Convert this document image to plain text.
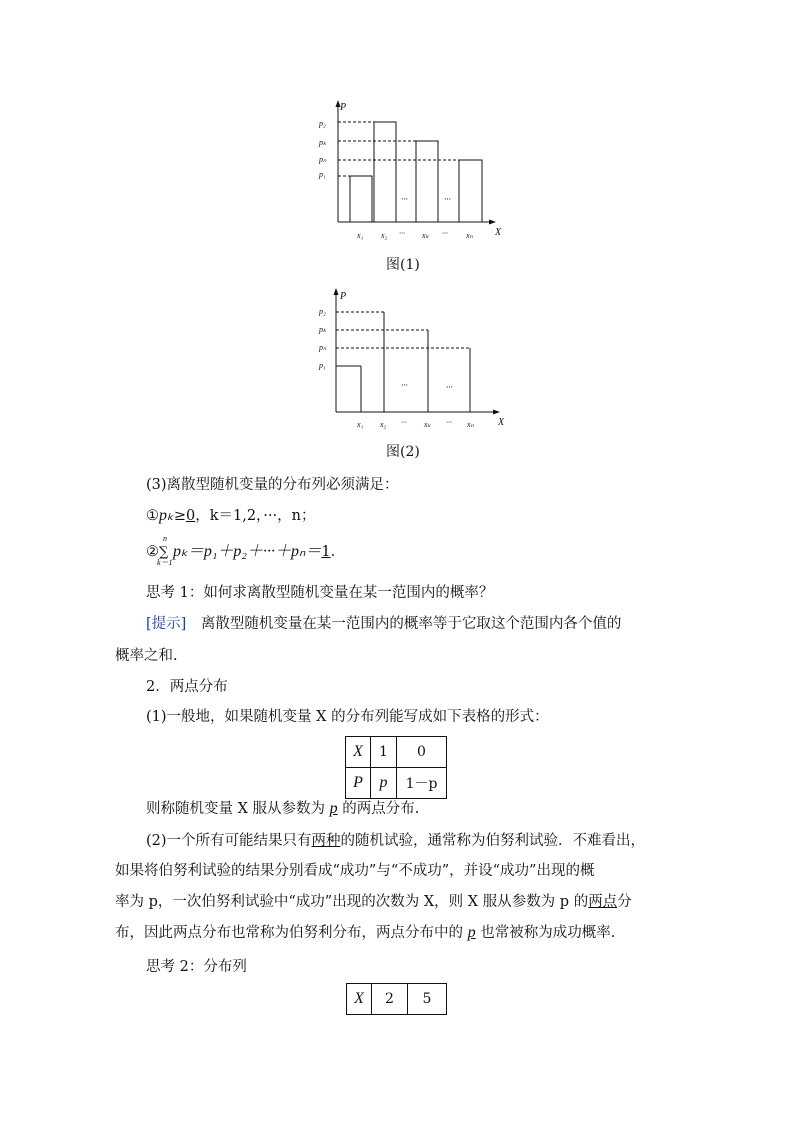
P
X
p₂
pₖ
pₙ
p₁
x₁ x₂ ··· xₖ ··· xₙ
···	···
图(1)
P
X
p₂
pₖ
pₙ
p₁
x₁ x₂ ··· xₖ ··· xₙ
···	···
图(2)
(3)离散型随机变量的分布列必须满足：
①pₖ≥0，k＝1,2，···，n；
②
n
∑
k＝1
pₖ＝p₁＋p₂＋···＋pₙ＝1.
思考 1：如何求离散型随机变量在某一范围内的概率？
[提示]　离散型随机变量在某一范围内的概率等于它取这个范围内各个值的
概率之和.
2．两点分布
(1)一般地，如果随机变量 X 的分布列能写成如下表格的形式：
X	1	0
P	p	1－p
则称随机变量 X 服从参数为 p 的两点分布.
(2)一个所有可能结果只有两种的随机试验，通常称为伯努利试验．不难看出，
如果将伯努利试验的结果分别看成“成功”与“不成功”，并设“成功”出现的概
率为 p，一次伯努利试验中“成功”出现的次数为 X，则 X 服从参数为 p 的两点分
布，因此两点分布也常称为伯努利分布，两点分布中的 p 也常被称为成功概率.
思考 2：分布列
X	2	5
